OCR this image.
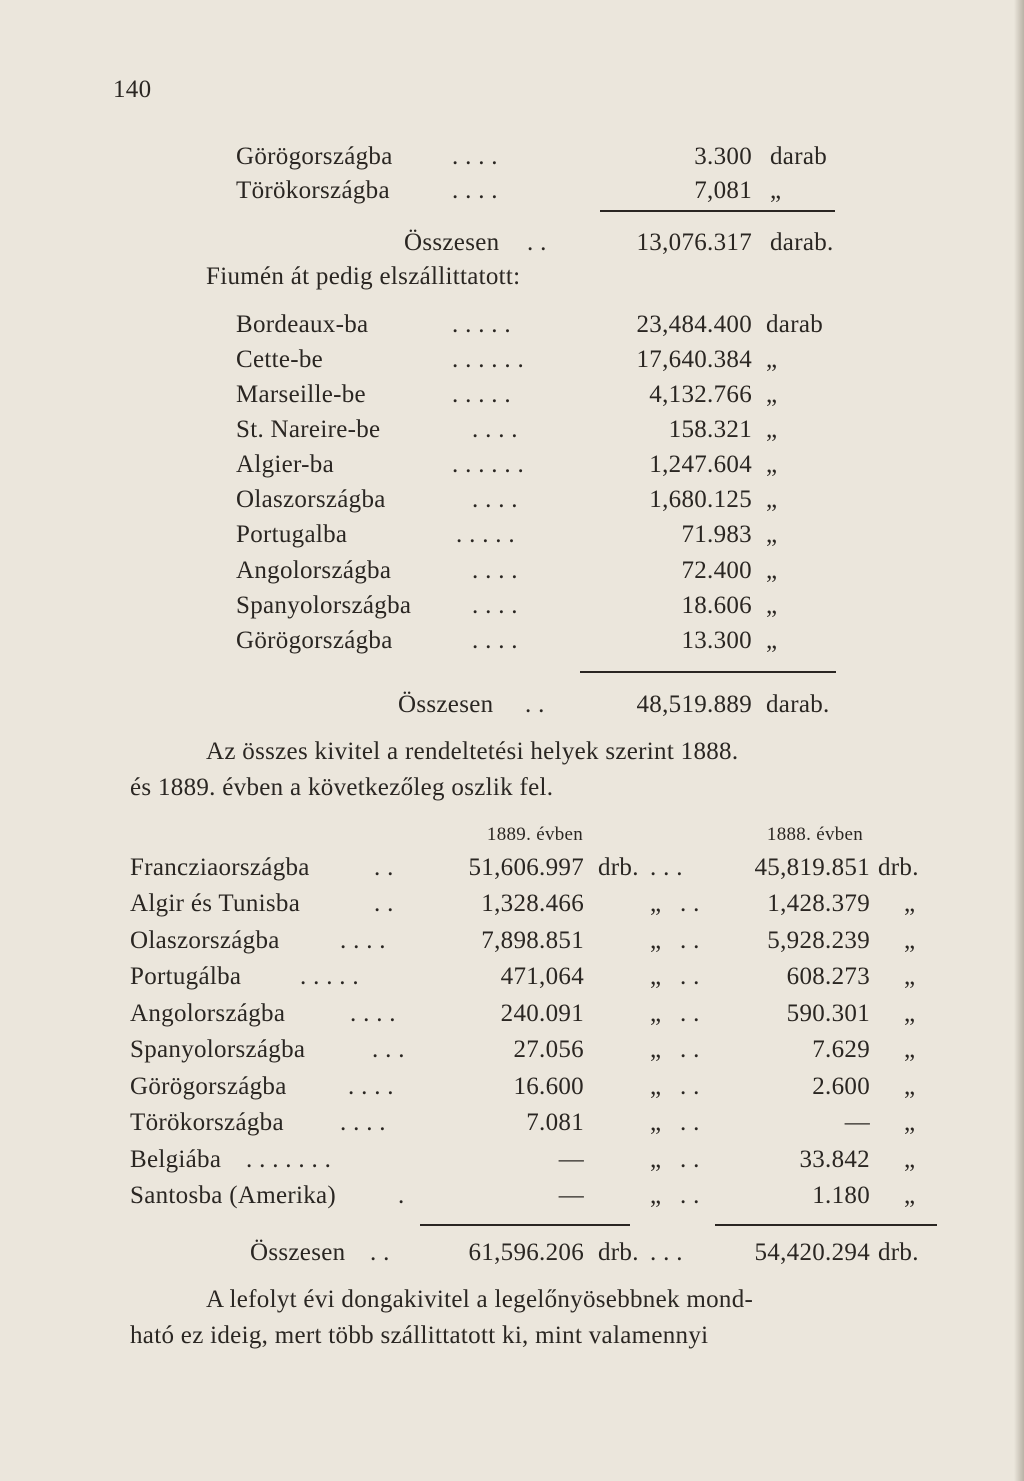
140
Görögországba . . . .	3.300 darab
Törökországba . . . .	7,081 „
Összesen . .	13,076.317 darab.
Fiumén át pedig elszállittatott:
Bordeaux-ba	. . . . .	23,484.400 darab
Cette-be	. . . . . .	17,640.384 „
Marseille-be	. . . . .	4,132.766 „
St. Nareire-be	. . . .	158.321 „
Algier-ba	. . . . . .	1,247.604 „
Olaszországba	. . . .	1,680.125 „
Portugalba	. . . . .	71.983 „
Angolországba	. . . .	72.400 „
Spanyolországba . . . .	18.606 „
Görögországba	. . . .	13.300 „
Összesen . .	48,519.889 darab.
Az összes kivitel a rendeltetési helyek szerint 1888.
és 1889. évben a következőleg oszlik fel.
1889. évben	1888. évben
Francziaországba	. .	51,606.997 drb. . . .	45,819.851 drb.
Algir és Tunisba	. .	1,328.466	„ . .	1,428.379 „
Olaszországba . . . .	7,898.851	„ . .	5,928.239 „
Portugálba . . . . .	471,064	„ . .	608.273 „
Angolországba	. . . .	240.091	„ . .	590.301 „
Spanyolországba	. . .	27.056	„ . .	7.629 „
Görögországba . . . .	16.600	„ . .	2.600 „
Törökországba . . . .	7.081	„ . .	— „
Belgiába . . . . . . .	—	„ . .	33.842 „
Santosba (Amerika) .	—	„ . .	1.180 „
Összesen . .	61,596.206 drb. . . .	54,420.294 drb.
A lefolyt évi dongakivitel a legelőnyösebbnek mond-
ható ez ideig, mert több szállittatott ki, mint valamennyi
